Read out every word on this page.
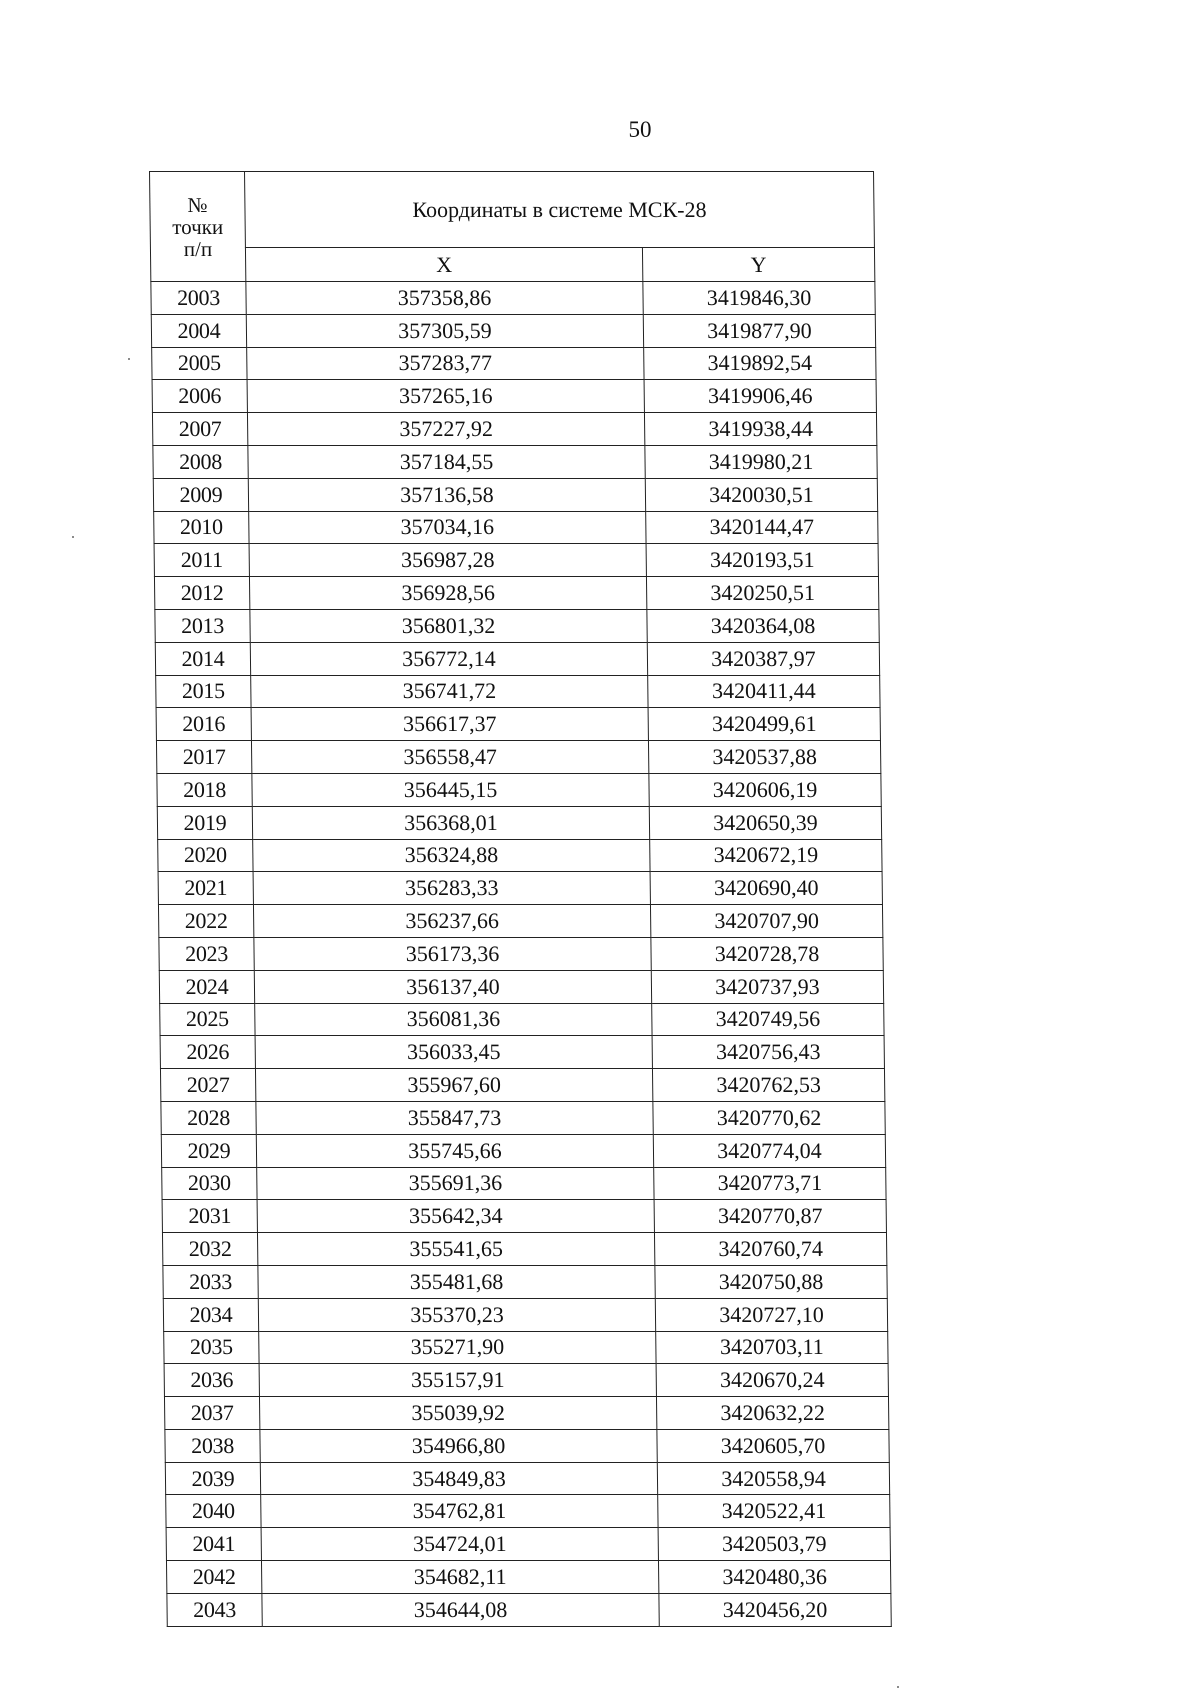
50
№
точки
п/п	Координаты в системе МСК-28	
	X	Y
2003	357358,86	3419846,30
2004	357305,59	3419877,90
2005	357283,77	3419892,54
2006	357265,16	3419906,46
2007	357227,92	3419938,44
2008	357184,55	3419980,21
2009	357136,58	3420030,51
2010	357034,16	3420144,47
2011	356987,28	3420193,51
2012	356928,56	3420250,51
2013	356801,32	3420364,08
2014	356772,14	3420387,97
2015	356741,72	3420411,44
2016	356617,37	3420499,61
2017	356558,47	3420537,88
2018	356445,15	3420606,19
2019	356368,01	3420650,39
2020	356324,88	3420672,19
2021	356283,33	3420690,40
2022	356237,66	3420707,90
2023	356173,36	3420728,78
2024	356137,40	3420737,93
2025	356081,36	3420749,56
2026	356033,45	3420756,43
2027	355967,60	3420762,53
2028	355847,73	3420770,62
2029	355745,66	3420774,04
2030	355691,36	3420773,71
2031	355642,34	3420770,87
2032	355541,65	3420760,74
2033	355481,68	3420750,88
2034	355370,23	3420727,10
2035	355271,90	3420703,11
2036	355157,91	3420670,24
2037	355039,92	3420632,22
2038	354966,80	3420605,70
2039	354849,83	3420558,94
2040	354762,81	3420522,41
2041	354724,01	3420503,79
2042	354682,11	3420480,36
2043	354644,08	3420456,20
